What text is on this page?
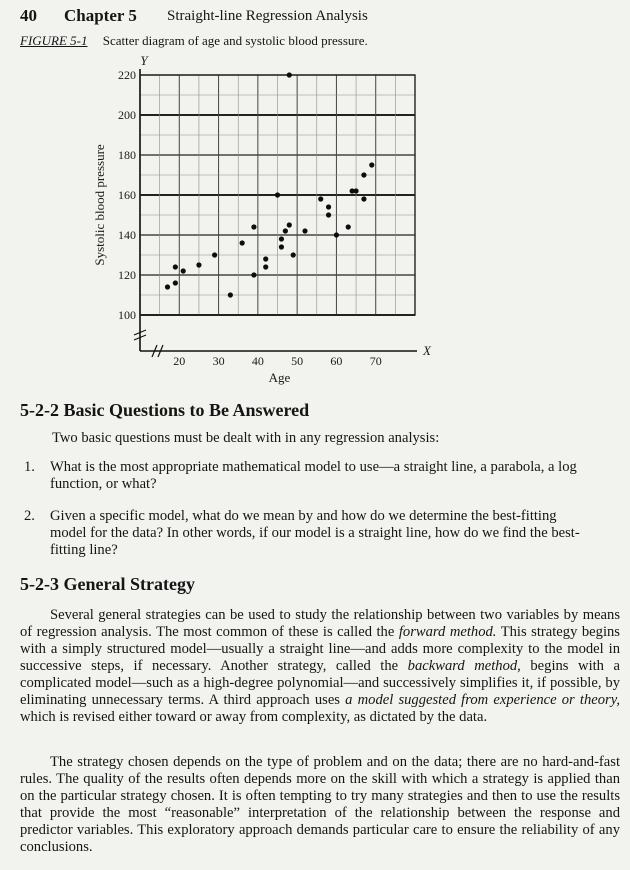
40 Chapter 5 Straight-line Regression Analysis
FIGURE 5-1 Scatter diagram of age and systolic blood pressure.
100
120
140
160
180
200
220
20 30 40 50 60 70
Y
X
Age
Systolic blood pressure
5-2-2 Basic Questions to Be Answered

Two basic questions must be dealt with in any regression analysis:

1.	What is the most appropriate mathematical model to use—a straight line, a parabola, a log function, or what?
2.	Given a specific model, what do we mean by and how do we determine the best-fitting model for the data? In other words, if our model is a straight line, how do we find the best-fitting line?
5-2-3 General Strategy

Several general strategies can be used to study the relationship between two variables by means of regression analysis. The most common of these is called the forward method. This strategy begins with a simply structured model—usually a straight line—and adds more complexity to the model in successive steps, if necessary. Another strategy, called the backward method, begins with a complicated model—such as a high-degree polynomial—and successively simplifies it, if possible, by eliminating unnecessary terms. A third approach uses a model suggested from experience or theory, which is revised either toward or away from complexity, as dictated by the data.

The strategy chosen depends on the type of problem and on the data; there are no hard-and-fast rules. The quality of the results often depends more on the skill with which a strategy is applied than on the particular strategy chosen. It is often tempting to try many strategies and then to use the results that provide the most “reasonable” interpretation of the relationship between the response and predictor variables. This exploratory approach demands particular care to ensure the reliability of any conclusions.
